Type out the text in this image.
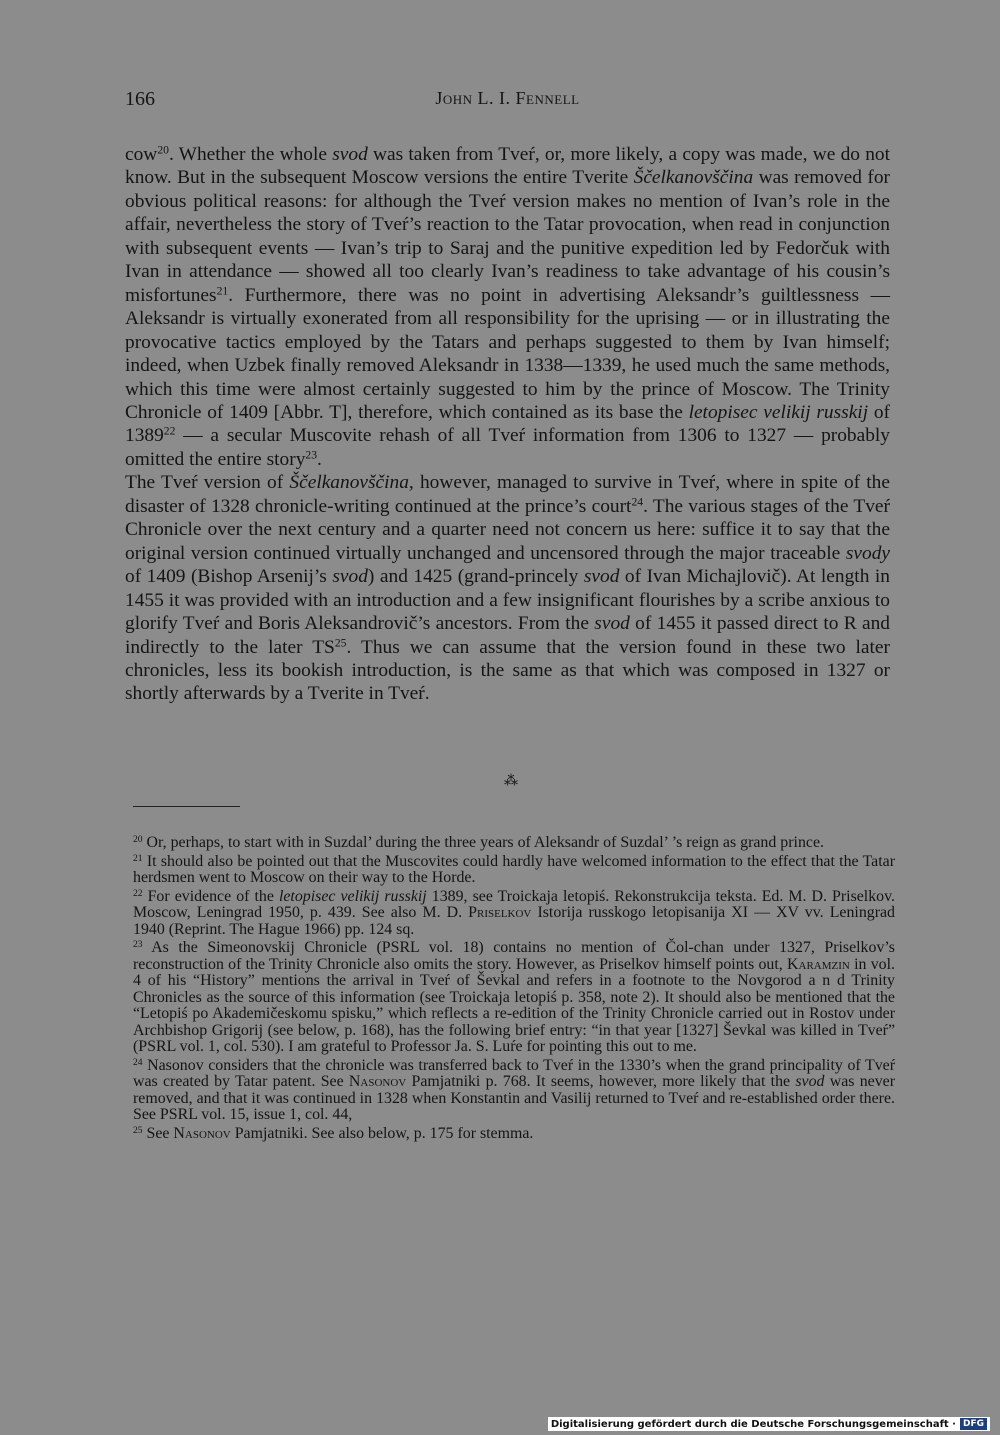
166	John L. I. Fennell

cow$^{20}$. Whether the whole svod was taken from Tveŕ, or, more likely, a copy was made, we do not know. But in the subsequent Moscow versions the entire Tverite Ščelkanovščina was removed for obvious political reasons: for although the Tveŕ version makes no mention of Ivan’s role in the affair, nevertheless the story of Tveŕ’s reaction to the Tatar provocation, when read in conjunction with subsequent events — Ivan’s trip to Saraj and the punitive expedition led by Fedorčuk with Ivan in attendance — showed all too clearly Ivan’s readiness to take advantage of his cousin’s misfortunes$^{21}$. Furthermore, there was no point in advertising Aleksandr’s guiltlessness — Aleksandr is virtually exonerated from all responsibility for the uprising — or in illustrating the provocative tactics employed by the Tatars and perhaps suggested to them by Ivan himself; indeed, when Uzbek finally removed Aleksandr in 1338—1339, he used much the same methods, which this time were almost certainly suggested to him by the prince of Moscow. The Trinity Chronicle of 1409 [Abbr. T], therefore, which contained as its base the letopisec velikij russkij of 1389$^{22}$ — a secular Muscovite rehash of all Tveŕ information from 1306 to 1327 — probably omitted the entire story$^{23}$.

The Tveŕ version of Ščelkanovščina, however, managed to survive in Tveŕ, where in spite of the disaster of 1328 chronicle-writing continued at the prince’s court$^{24}$. The various stages of the Tveŕ Chronicle over the next century and a quarter need not concern us here: suffice it to say that the original version continued virtually unchanged and uncensored through the major traceable svody of 1409 (Bishop Arsenij’s svod) and 1425 (grand-princely svod of Ivan Michajlovič). At length in 1455 it was provided with an introduction and a few insignificant flourishes by a scribe anxious to glorify Tveŕ and Boris Aleksandrovič’s ancestors. From the svod of 1455 it passed direct to R and indirectly to the later TS$^{25}$. Thus we can assume that the version found in these two later chronicles, less its bookish introduction, is the same as that which was composed in 1327 or shortly afterwards by a Tverite in Tveŕ.

⁂

$^{20}$ Or, perhaps, to start with in Suzdal’ during the three years of Aleksandr of Suzdal’ ’s reign as grand prince.

$^{21}$ It should also be pointed out that the Muscovites could hardly have welcomed information to the effect that the Tatar herdsmen went to Moscow on their way to the Horde.

$^{22}$ For evidence of the letopisec velikij russkij 1389, see Troickaja letopiś. Rekonstrukcija teksta. Ed. M. D. Priselkov. Moscow, Leningrad 1950, p. 439. See also M. D. Priselkov Istorija russkogo letopisanija XI — XV vv. Leningrad 1940 (Reprint. The Hague 1966) pp. 124 sq.

$^{23}$ As the Simeonovskij Chronicle (PSRL vol. 18) contains no mention of Čol-chan under 1327, Priselkov’s reconstruction of the Trinity Chronicle also omits the story. However, as Priselkov himself points out, Karamzin in vol. 4 of his “History” mentions the arrival in Tveŕ of Ševkal and refers in a footnote to the Novgorod a n d Trinity Chronicles as the source of this information (see Troickaja letopiś p. 358, note 2). It should also be mentioned that the “Letopiś po Akademičeskomu spisku,” which reflects a re-edition of the Trinity Chronicle carried out in Rostov under Archbishop Grigorij (see below, p. 168), has the following brief entry: “in that year [1327] Ševkal was killed in Tveŕ” (PSRL vol. 1, col. 530). I am grateful to Professor Ja. S. Luŕe for pointing this out to me.

$^{24}$ Nasonov considers that the chronicle was transferred back to Tveŕ in the 1330’s when the grand principality of Tveŕ was created by Tatar patent. See Nasonov Pamjatniki p. 768. It seems, however, more likely that the svod was never removed, and that it was continued in 1328 when Konstantin and Vasilij returned to Tveŕ and re-established order there. See PSRL vol. 15, issue 1, col. 44,

$^{25}$ See Nasonov Pamjatniki. See also below, p. 175 for stemma.

Digitalisierung gefördert durch die Deutsche Forschungsgemeinschaft · DFG
